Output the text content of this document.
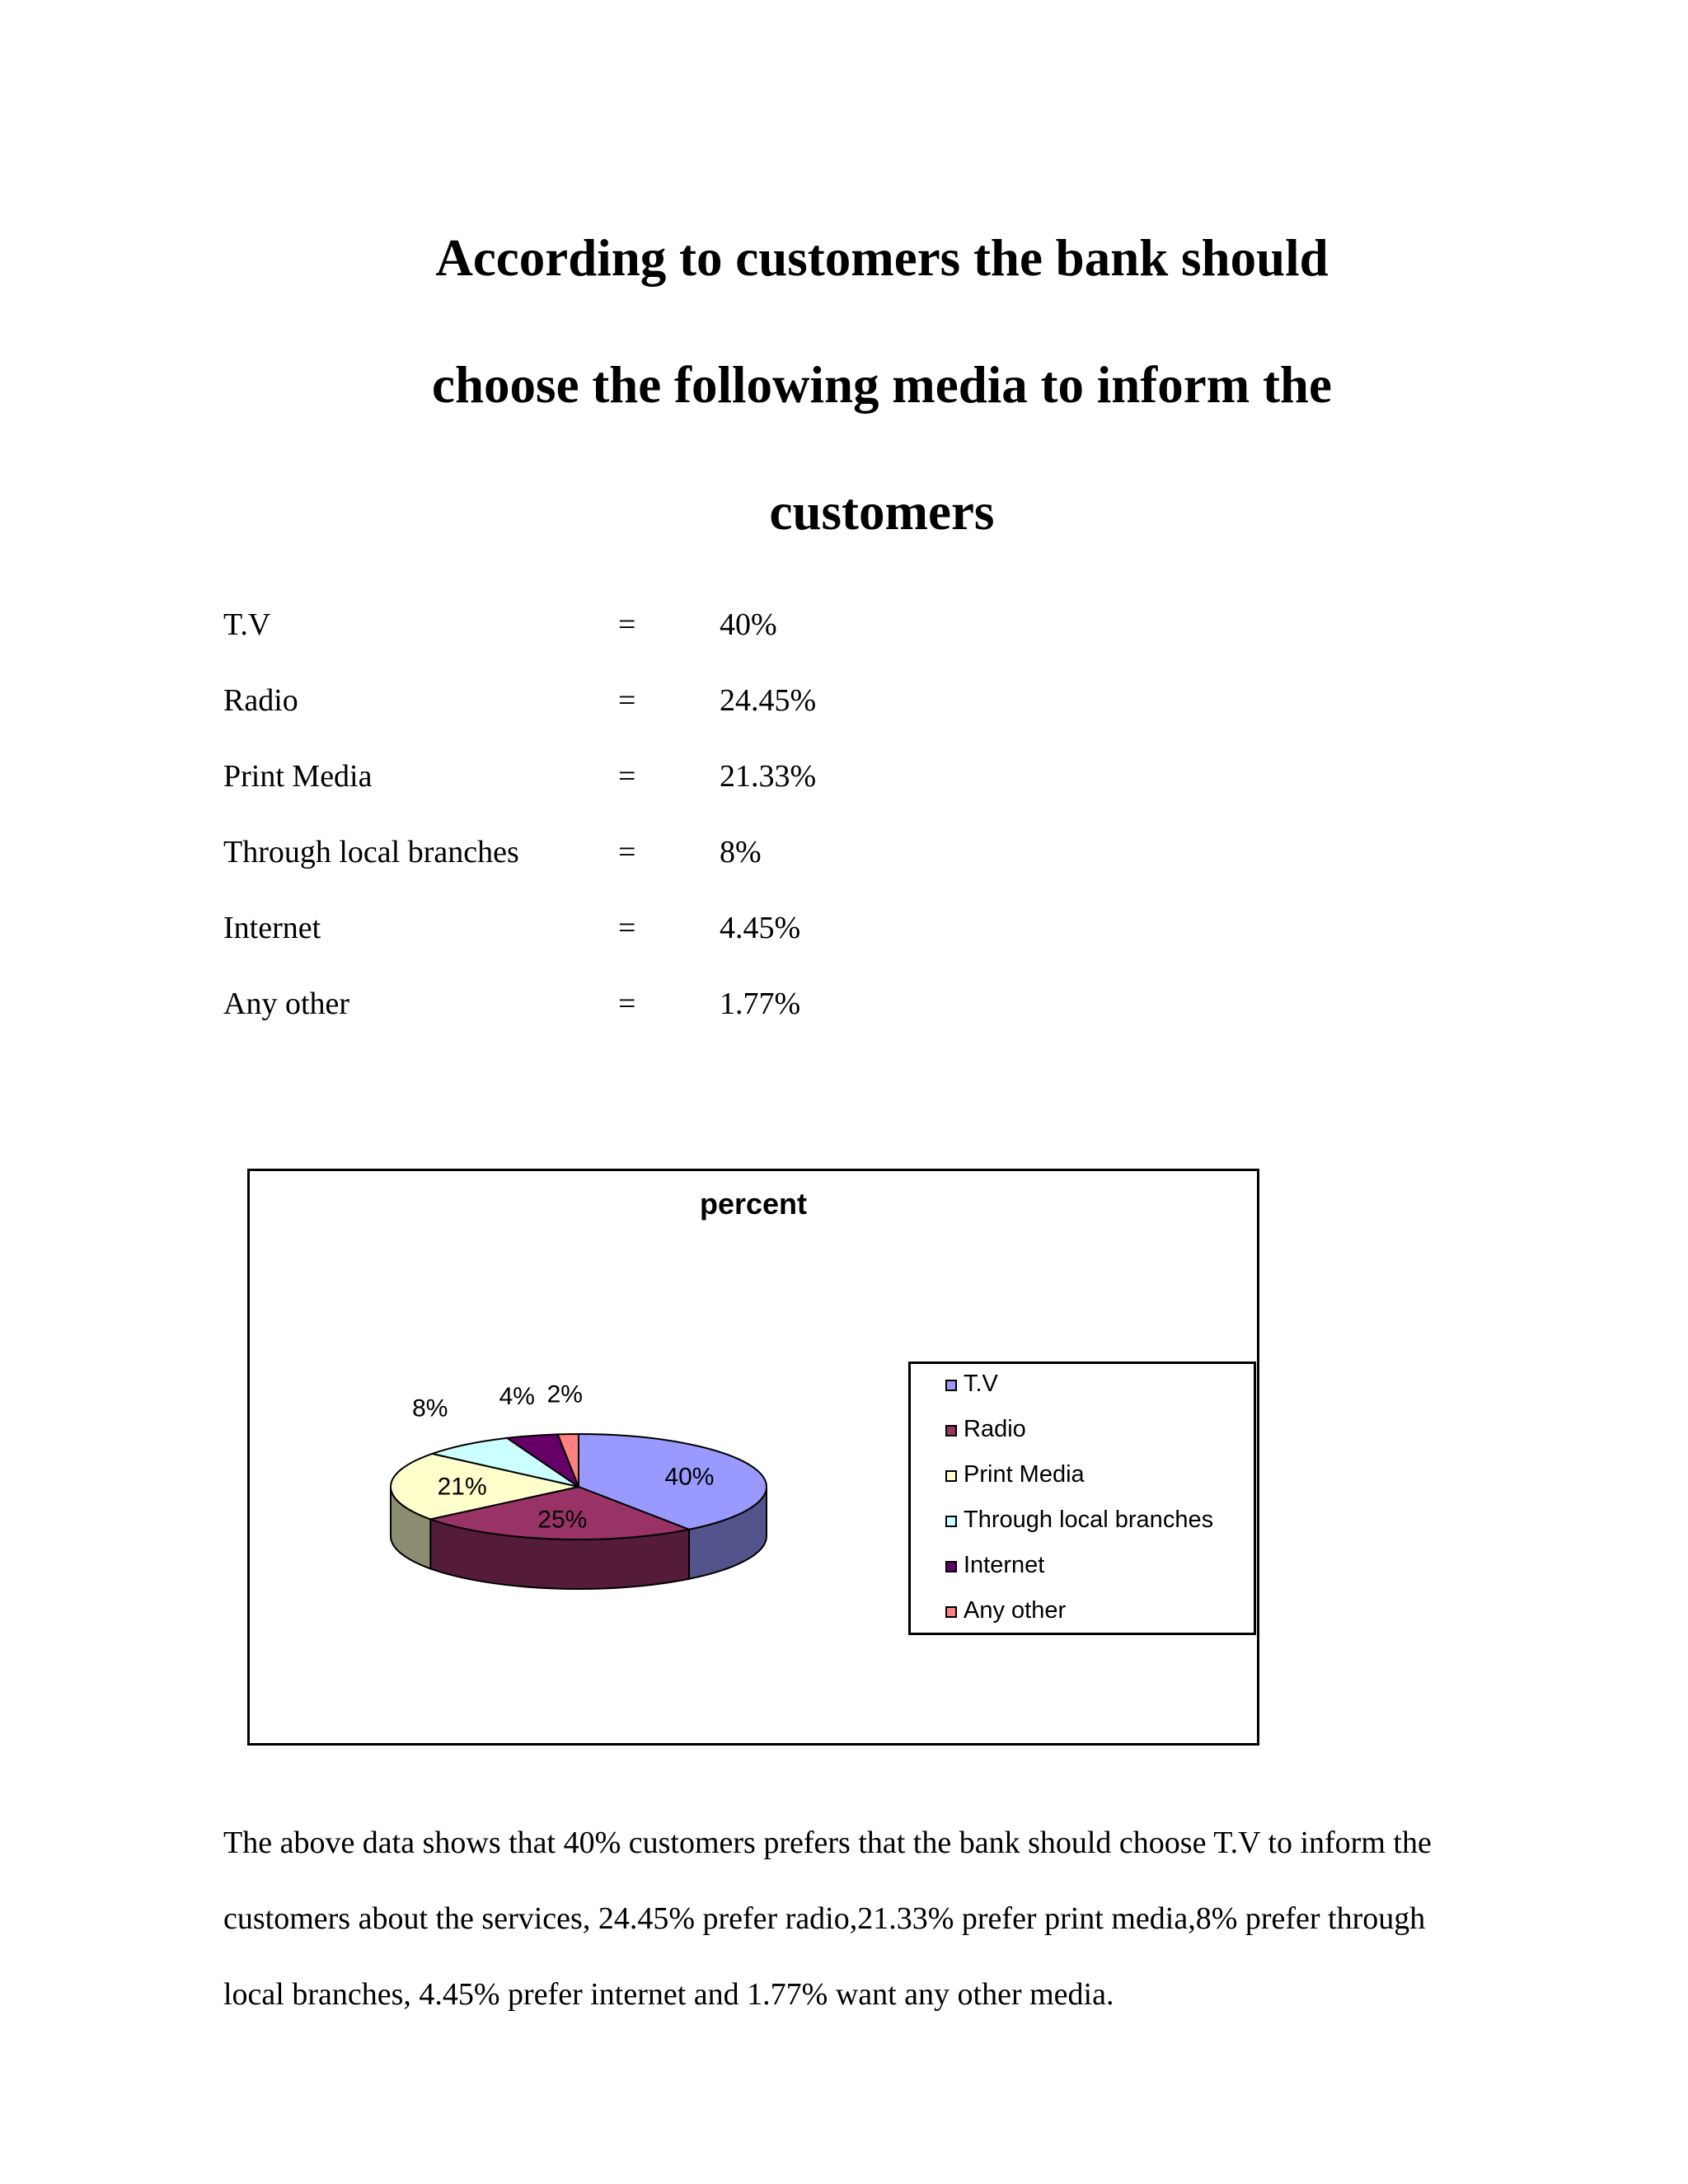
According to customers the bank should
choose the following media to inform the
customers
T.V	=	40%
Radio	=	24.45%
Print Media	=	21.33%
Through local branches	=	8%
Internet	=	4.45%
Any other	=	1.77%
percent
40%
25%
21%
8% 4% 2%	T.V
Radio
Print Media
Through local branches
Internet
Any other

The above data shows that 40% customers prefers that the bank should choose T.V to inform the

customers about the services, 24.45% prefer radio,21.33% prefer print media,8% prefer through

local branches, 4.45% prefer internet and 1.77% want any other media.
